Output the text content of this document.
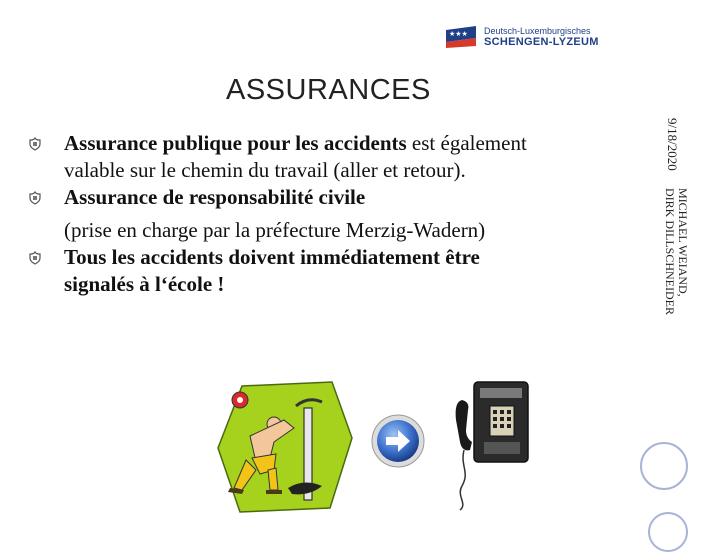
★★★ Deutsch-Luxemburgisches
SCHENGEN-LYZEUM
ASSURANCES
Assurance publique pour les accidents est également
valable sur le chemin du travail (aller et retour).
Assurance de responsabilité civile
(prise en charge par la préfecture Merzig-Wadern)
Tous les accidents doivent immédiatement être
signalés à l‘école !
9/18/2020
MICHAEL WEIAND,
DIRK DILLSCHNEIDER
